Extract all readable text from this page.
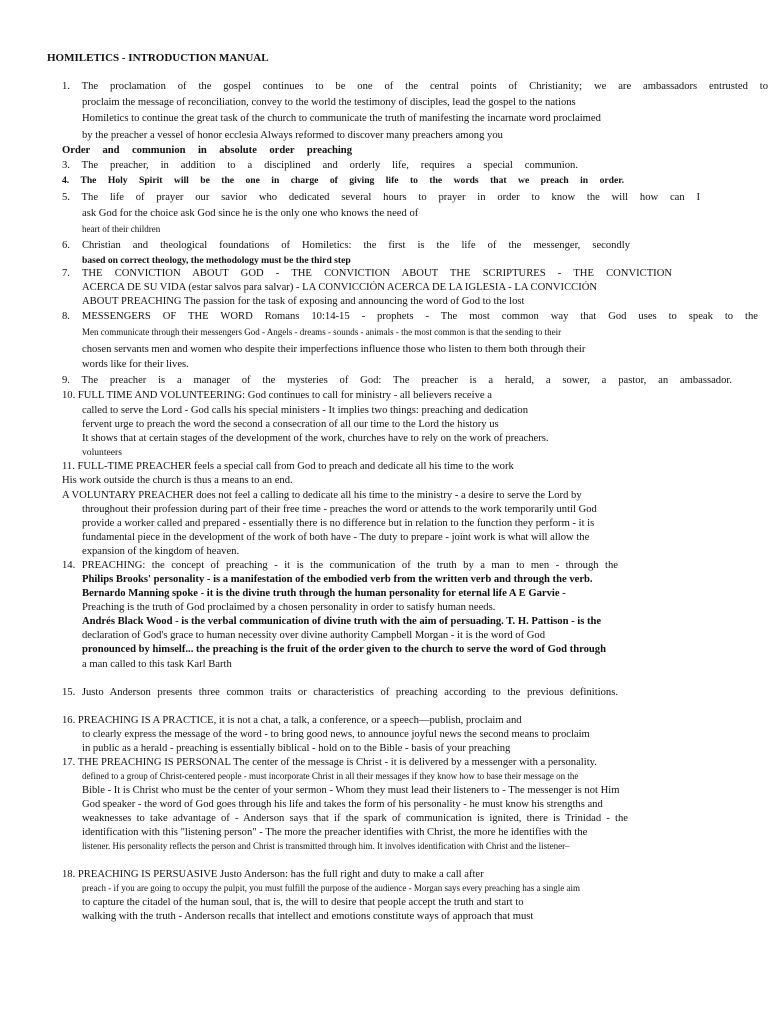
HOMILETICS - INTRODUCTION MANUAL
1. The proclamation of the gospel continues to be one of the central points of Christianity; we are ambassadors entrusted to
proclaim the message of reconciliation, convey to the world the testimony of disciples, lead the gospel to the nations
Homiletics to continue the great task of the church to communicate the truth of manifesting the incarnate word proclaimed
by the preacher a vessel of honor ecclesia Always reformed to discover many preachers among you
Order and communion in absolute order preaching
3. The preacher, in addition to a disciplined and orderly life, requires a special communion.
4. The Holy Spirit will be the one in charge of giving life to the words that we preach in order.
5. The life of prayer our savior who dedicated several hours to prayer in order to know the will how can I
ask God for the choice ask God since he is the only one who knows the need of
heart of their children
6. Christian and theological foundations of Homiletics: the first is the life of the messenger, secondly
based on correct theology, the methodology must be the third step
7. THE CONVICTION ABOUT GOD - THE CONVICTION ABOUT THE SCRIPTURES - THE CONVICTION
ACERCA DE SU VIDA (estar salvos para salvar) - LA CONVICCIÓN ACERCA DE LA IGLESIA - LA CONVICCIÓN
ABOUT PREACHING The passion for the task of exposing and announcing the word of God to the lost
8. MESSENGERS OF THE WORD Romans 10:14-15 - prophets - The most common way that God uses to speak to the
Men communicate through their messengers God - Angels - dreams - sounds - animals - the most common is that the sending to their
chosen servants men and women who despite their imperfections influence those who listen to them both through their
words like for their lives.
9. The preacher is a manager of the mysteries of God: The preacher is a herald, a sower, a pastor, an ambassador.
10. FULL TIME AND VOLUNTEERING: God continues to call for ministry - all believers receive a
called to serve the Lord - God calls his special ministers - It implies two things: preaching and dedication
fervent urge to preach the word the second a consecration of all our time to the Lord the history us
It shows that at certain stages of the development of the work, churches have to rely on the work of preachers.
volunteers
11. FULL-TIME PREACHER feels a special call from God to preach and dedicate all his time to the work
His work outside the church is thus a means to an end.
A VOLUNTARY PREACHER does not feel a calling to dedicate all his time to the ministry - a desire to serve the Lord by
throughout their profession during part of their free time - preaches the word or attends to the work temporarily until God
provide a worker called and prepared - essentially there is no difference but in relation to the function they perform - it is
fundamental piece in the development of the work of both have - The duty to prepare - joint work is what will allow the
expansion of the kingdom of heaven.
14. PREACHING: the concept of preaching - it is the communication of the truth by a man to men - through the
Philips Brooks' personality - is a manifestation of the embodied verb from the written verb and through the verb.
Bernardo Manning spoke - it is the divine truth through the human personality for eternal life A E Garvie -
Preaching is the truth of God proclaimed by a chosen personality in order to satisfy human needs.
Andrés Black Wood - is the verbal communication of divine truth with the aim of persuading. T. H. Pattison - is the
declaration of God's grace to human necessity over divine authority Campbell Morgan - it is the word of God
pronounced by himself... the preaching is the fruit of the order given to the church to serve the word of God through
a man called to this task Karl Barth
15. Justo Anderson presents three common traits or characteristics of preaching according to the previous definitions.
16. PREACHING IS A PRACTICE, it is not a chat, a talk, a conference, or a speech—publish, proclaim and
to clearly express the message of the word - to bring good news, to announce joyful news the second means to proclaim
in public as a herald - preaching is essentially biblical - hold on to the Bible - basis of your preaching
17. THE PREACHING IS PERSONAL The center of the message is Christ - it is delivered by a messenger with a personality.
defined to a group of Christ-centered people - must incorporate Christ in all their messages if they know how to base their message on the
Bible - It is Christ who must be the center of your sermon - Whom they must lead their listeners to - The messenger is not Him
God speaker - the word of God goes through his life and takes the form of his personality - he must know his strengths and
weaknesses to take advantage of - Anderson says that if the spark of communication is ignited, there is Trinidad - the
identification with this "listening person" - The more the preacher identifies with Christ, the more he identifies with the
listener. His personality reflects the person and Christ is transmitted through him. It involves identification with Christ and the listener–
18. PREACHING IS PERSUASIVE Justo Anderson: has the full right and duty to make a call after
preach - if you are going to occupy the pulpit, you must fulfill the purpose of the audience - Morgan says every preaching has a single aim
to capture the citadel of the human soul, that is, the will to desire that people accept the truth and start to
walking with the truth - Anderson recalls that intellect and emotions constitute ways of approach that must
